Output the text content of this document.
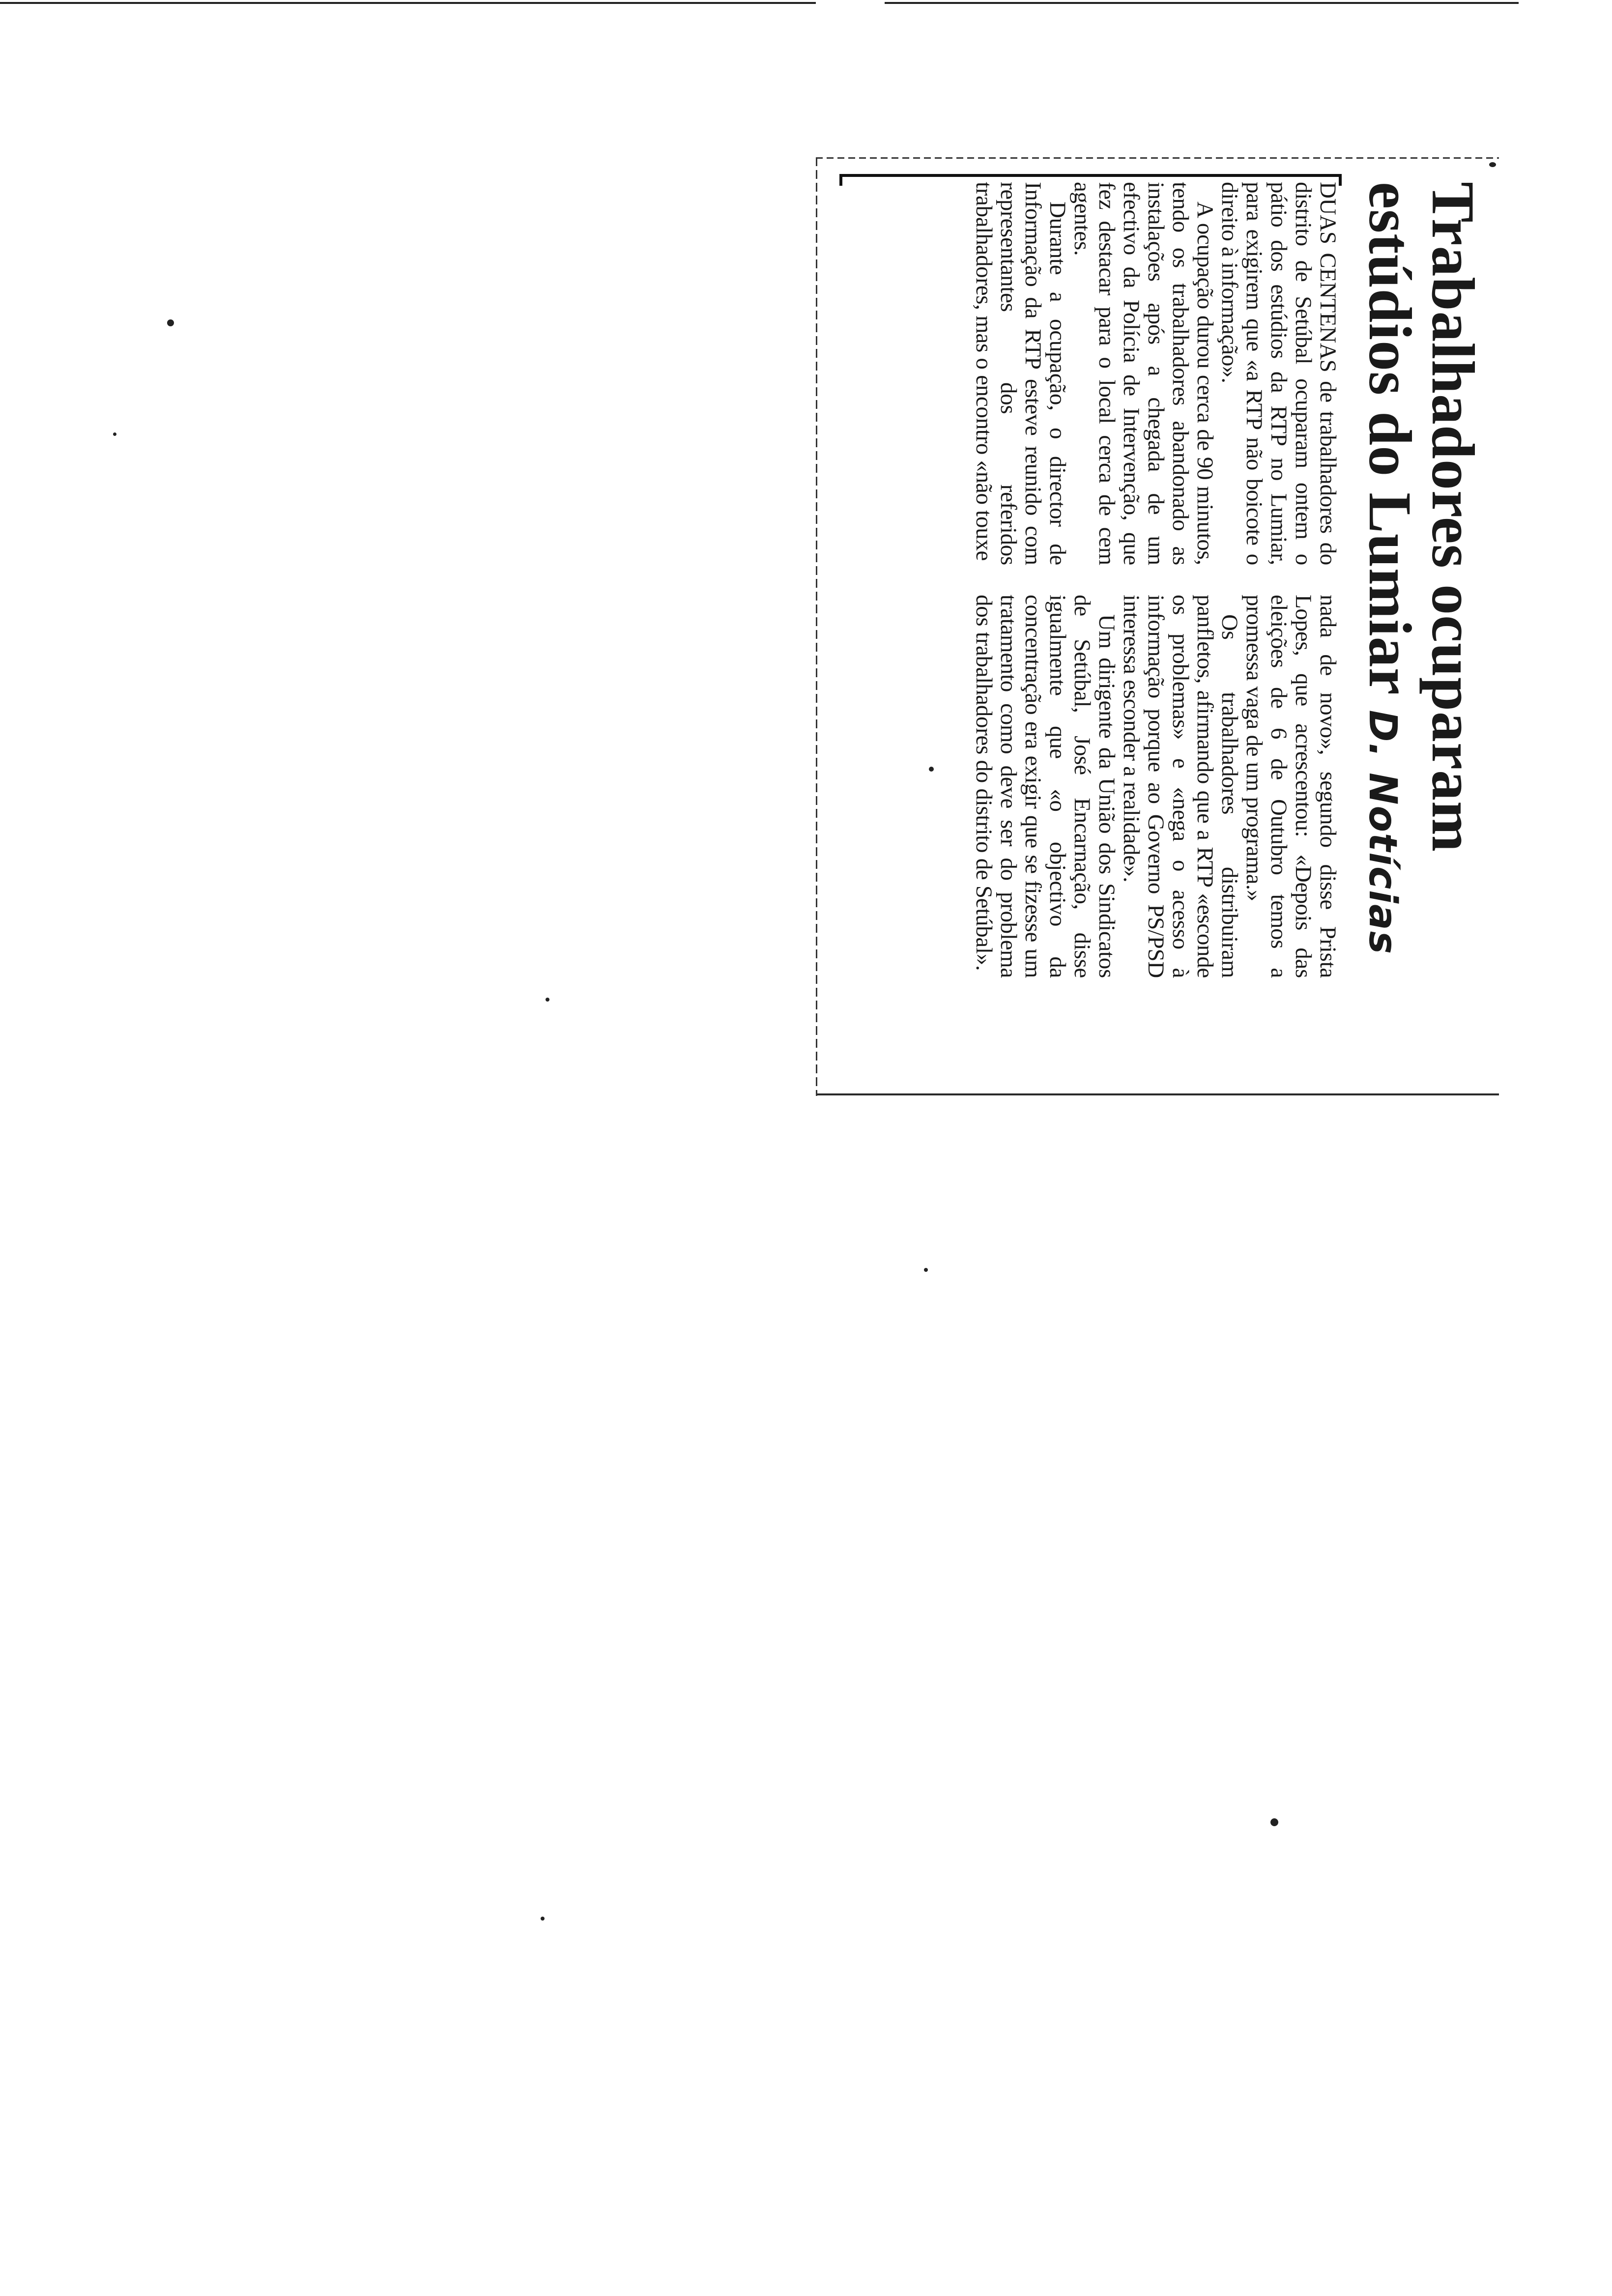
Trabalhadores ocuparam
estúdios do LumiarD. Notícias

DUAS CENTENAS de trabalhadores do distrito de Setúbal ocuparam ontem o pátio dos estúdios da RTP no Lumiar, para exigirem que «a RTP não boicote o direito à informação».

A ocupação durou cerca de 90 minutos, tendo os trabalhadores abandonado as instalações após a chegada de um efectivo da Polícia de Intervenção, que fez destacar para o local cerca de cem agentes.

Durante a ocupação, o director de Informação da RTP esteve reunido com representantes dos referidos trabalhadores, mas o encontro «não touxe

nada de novo», segundo disse Prista Lopes, que acrescentou: «Depois das eleições de 6 de Outubro temos a promessa vaga de um programa.»

Os trabalhadores distribuiram panfletos, afirmando que a RTP «esconde os problemas» e «nega o acesso à informação porque ao Governo PS/PSD interessa esconder a realidade».

Um dirigente da União dos Sindicatos de Setúbal, José Encarnação, disse igualmente que «o objectivo da concentração era exigir que se fizesse um tratamento como deve ser do problema dos trabalhadores do distrito de Setúbal».
